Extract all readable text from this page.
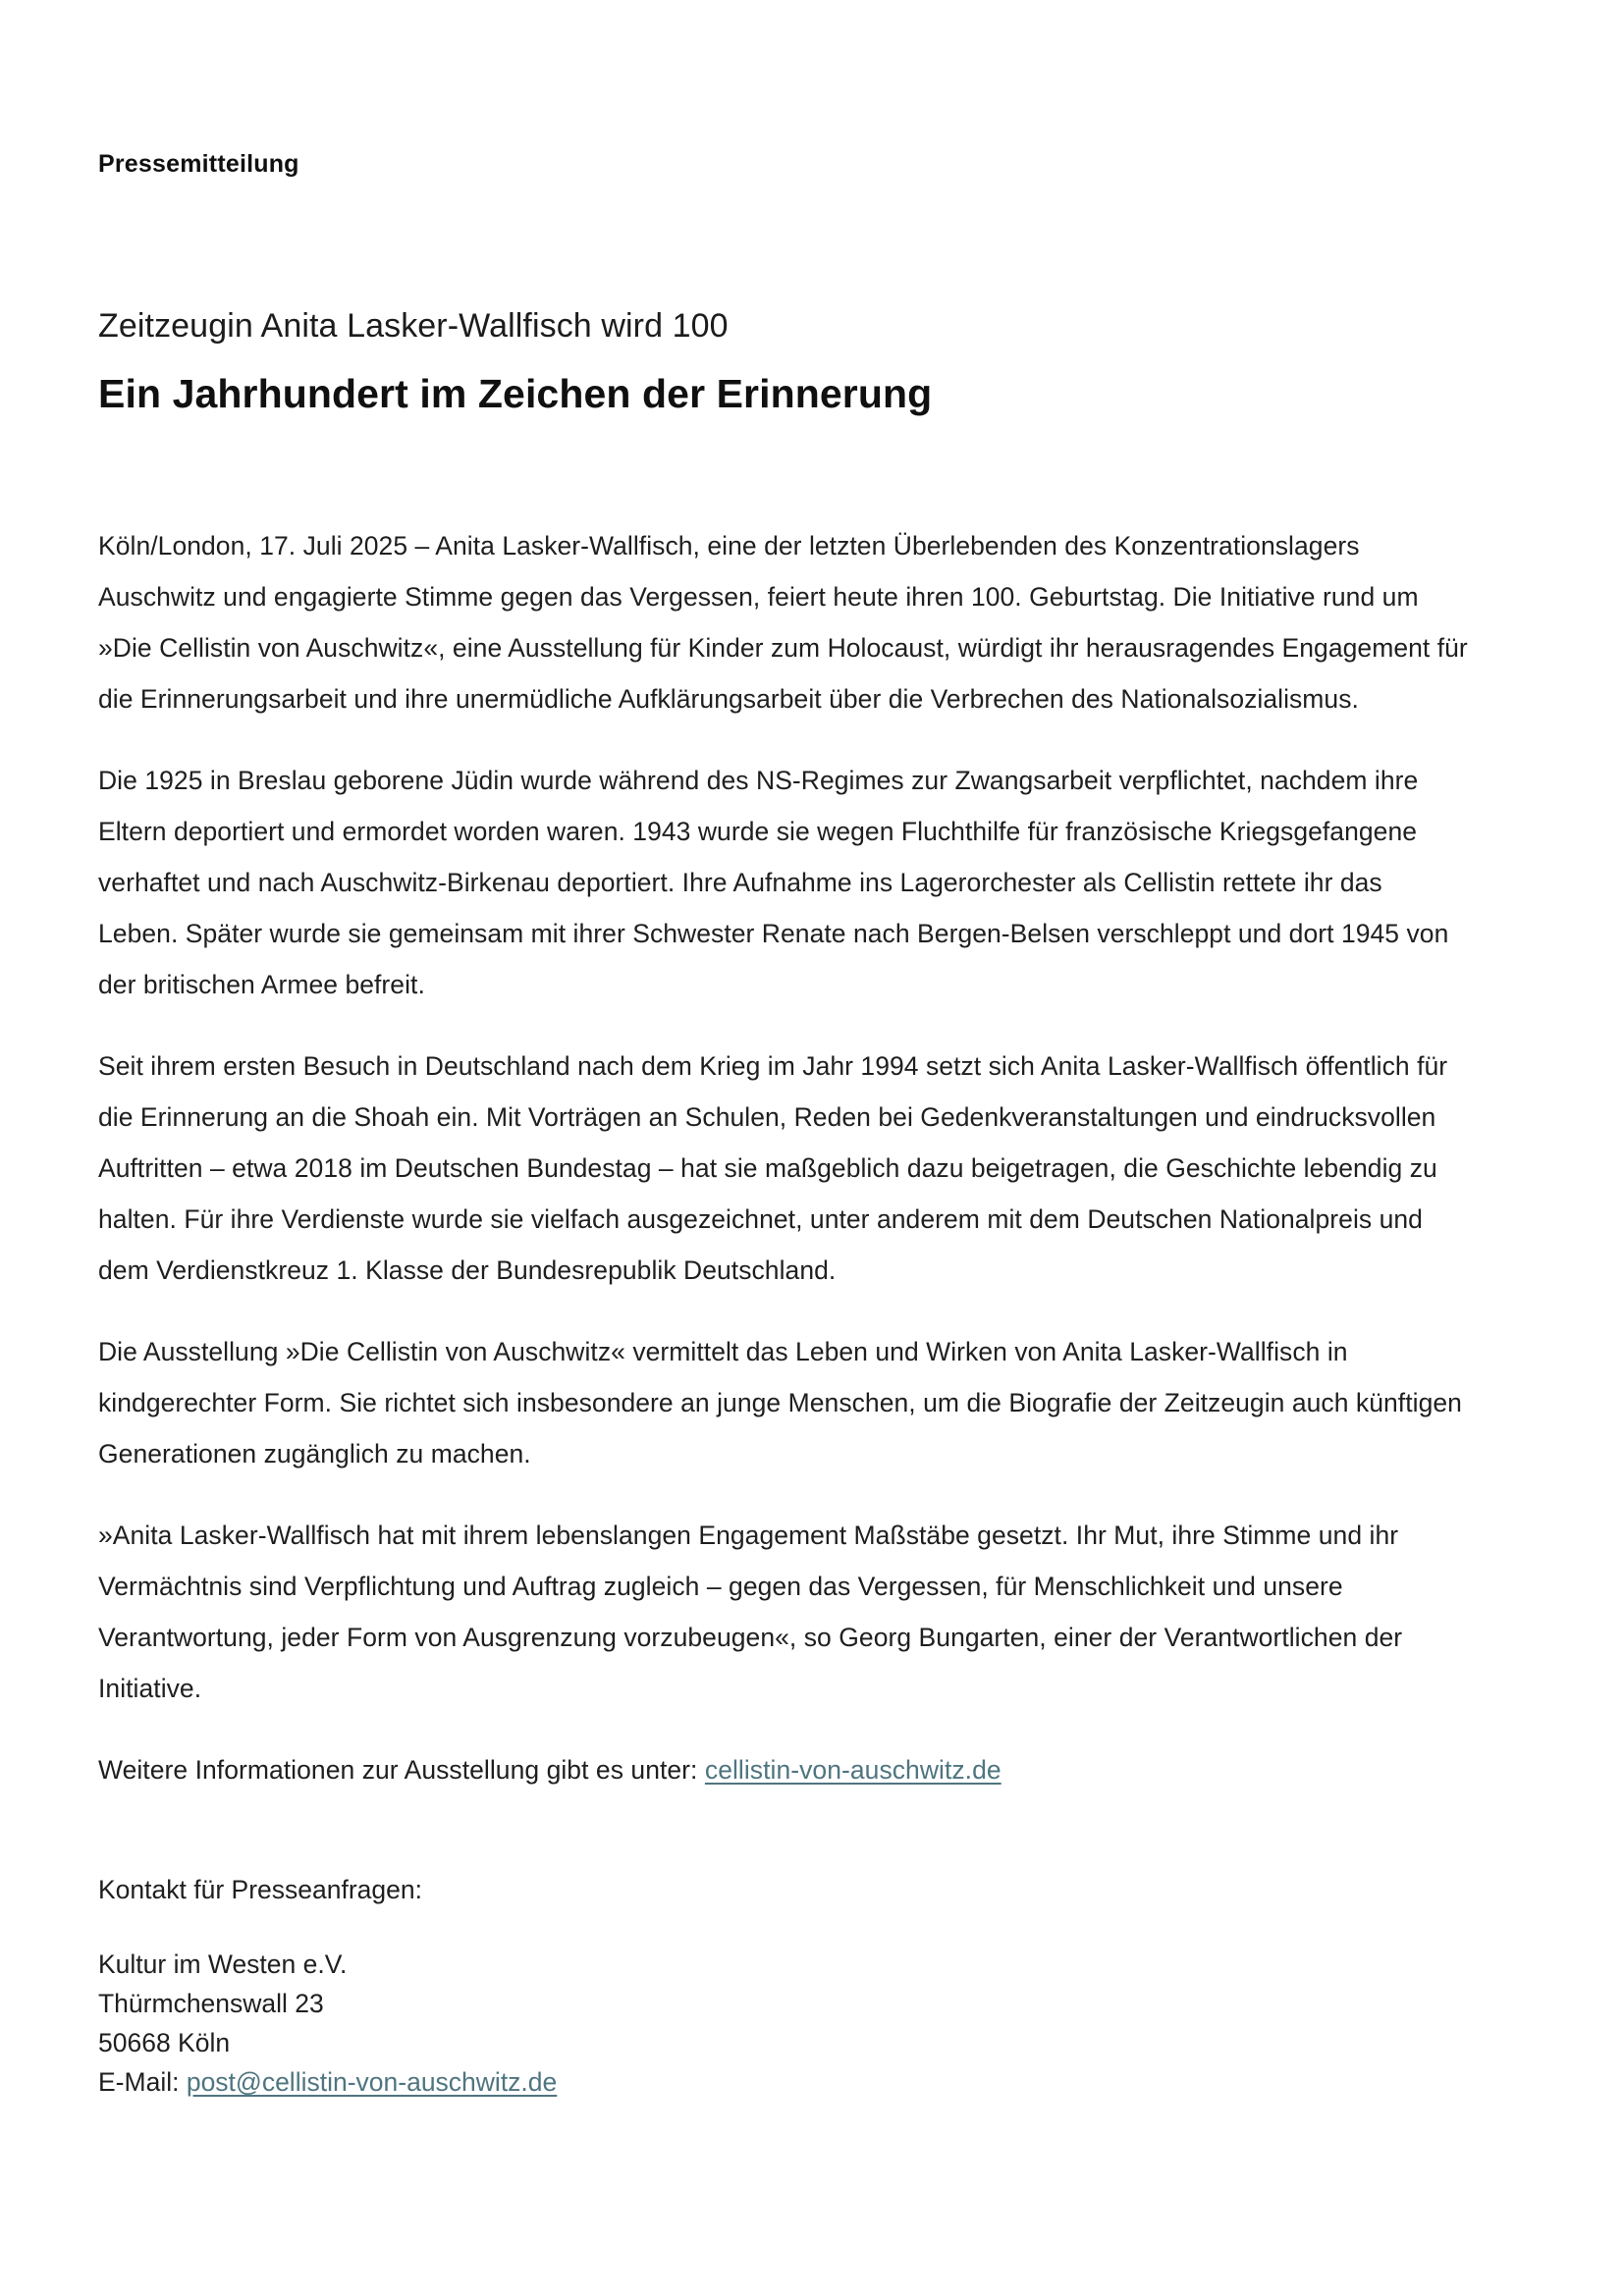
Pressemitteilung
Zeitzeugin Anita Lasker-Wallfisch wird 100
Ein Jahrhundert im Zeichen der Erinnerung

Köln/London, 17. Juli 2025 – Anita Lasker-Wallfisch, eine der letzten Überlebenden des Konzentrationslagers Auschwitz und engagierte Stimme gegen das Vergessen, feiert heute ihren 100. Geburtstag. Die Initiative rund um »Die Cellistin von Auschwitz«, eine Ausstellung für Kinder zum Holocaust, würdigt ihr herausragendes Engagement für die Erinnerungsarbeit und ihre unermüdliche Aufklärungsarbeit über die Verbrechen des Nationalsozialismus.

Die 1925 in Breslau geborene Jüdin wurde während des NS-Regimes zur Zwangsarbeit verpflichtet, nachdem ihre Eltern deportiert und ermordet worden waren. 1943 wurde sie wegen Fluchthilfe für französische Kriegsgefangene verhaftet und nach Auschwitz-Birkenau deportiert. Ihre Aufnahme ins Lagerorchester als Cellistin rettete ihr das Leben. Später wurde sie gemeinsam mit ihrer Schwester Renate nach Bergen-Belsen verschleppt und dort 1945 von der britischen Armee befreit.

Seit ihrem ersten Besuch in Deutschland nach dem Krieg im Jahr 1994 setzt sich Anita Lasker-Wallfisch öffentlich für die Erinnerung an die Shoah ein. Mit Vorträgen an Schulen, Reden bei Gedenkveranstaltungen und eindrucksvollen Auftritten – etwa 2018 im Deutschen Bundestag – hat sie maßgeblich dazu beigetragen, die Geschichte lebendig zu halten. Für ihre Verdienste wurde sie vielfach ausgezeichnet, unter anderem mit dem Deutschen Nationalpreis und dem Verdienstkreuz 1. Klasse der Bundesrepublik Deutschland.

Die Ausstellung »Die Cellistin von Auschwitz« vermittelt das Leben und Wirken von Anita Lasker-Wallfisch in kindgerechter Form. Sie richtet sich insbesondere an junge Menschen, um die Biografie der Zeitzeugin auch künftigen Generationen zugänglich zu machen.

»Anita Lasker-Wallfisch hat mit ihrem lebenslangen Engagement Maßstäbe gesetzt. Ihr Mut, ihre Stimme und ihr Vermächtnis sind Verpflichtung und Auftrag zugleich – gegen das Vergessen, für Menschlichkeit und unsere Verantwortung, jeder Form von Ausgrenzung vorzubeugen«, so Georg Bungarten, einer der Verantwortlichen der Initiative.

Weitere Informationen zur Ausstellung gibt es unter: cellistin-von-auschwitz.de

Kontakt für Presseanfragen:

Kultur im Westen e.V.
Thürmchenswall 23
50668 Köln
E-Mail: post@cellistin-von-auschwitz.de
